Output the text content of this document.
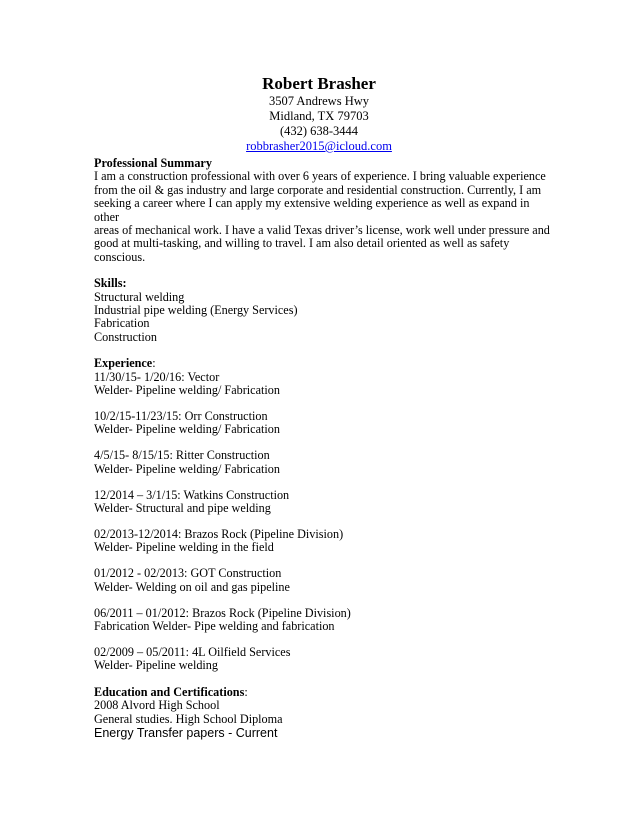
Robert Brasher
3507 Andrews Hwy
Midland, TX 79703
(432) 638-3444
robbrasher2015@icloud.com
Professional Summary

I am a construction professional with over 6 years of experience. I bring valuable experience

from the oil & gas industry and large corporate and residential construction. Currently, I am

seeking a career where I can apply my extensive welding experience as well as expand in other

areas of mechanical work. I have a valid Texas driver’s license, work well under pressure and

good at multi-tasking, and willing to travel. I am also detail oriented as well as safety conscious.

Skills:
Structural welding
Industrial pipe welding (Energy Services)
Fabrication
Construction
Experience:
11/30/15- 1/20/16: Vector
Welder- Pipeline welding/ Fabrication
10/2/15-11/23/15: Orr Construction
Welder- Pipeline welding/ Fabrication
4/5/15- 8/15/15: Ritter Construction
Welder- Pipeline welding/ Fabrication
12/2014 – 3/1/15: Watkins Construction
Welder- Structural and pipe welding
02/2013-12/2014: Brazos Rock (Pipeline Division)
Welder- Pipeline welding in the field
01/2012 - 02/2013: GOT Construction
Welder- Welding on oil and gas pipeline
06/2011 – 01/2012: Brazos Rock (Pipeline Division)
Fabrication Welder- Pipe welding and fabrication
02/2009 – 05/2011: 4L Oilfield Services
Welder- Pipeline welding
Education and Certifications:
2008 Alvord High School
General studies. High School Diploma
Energy Transfer papers - Current
